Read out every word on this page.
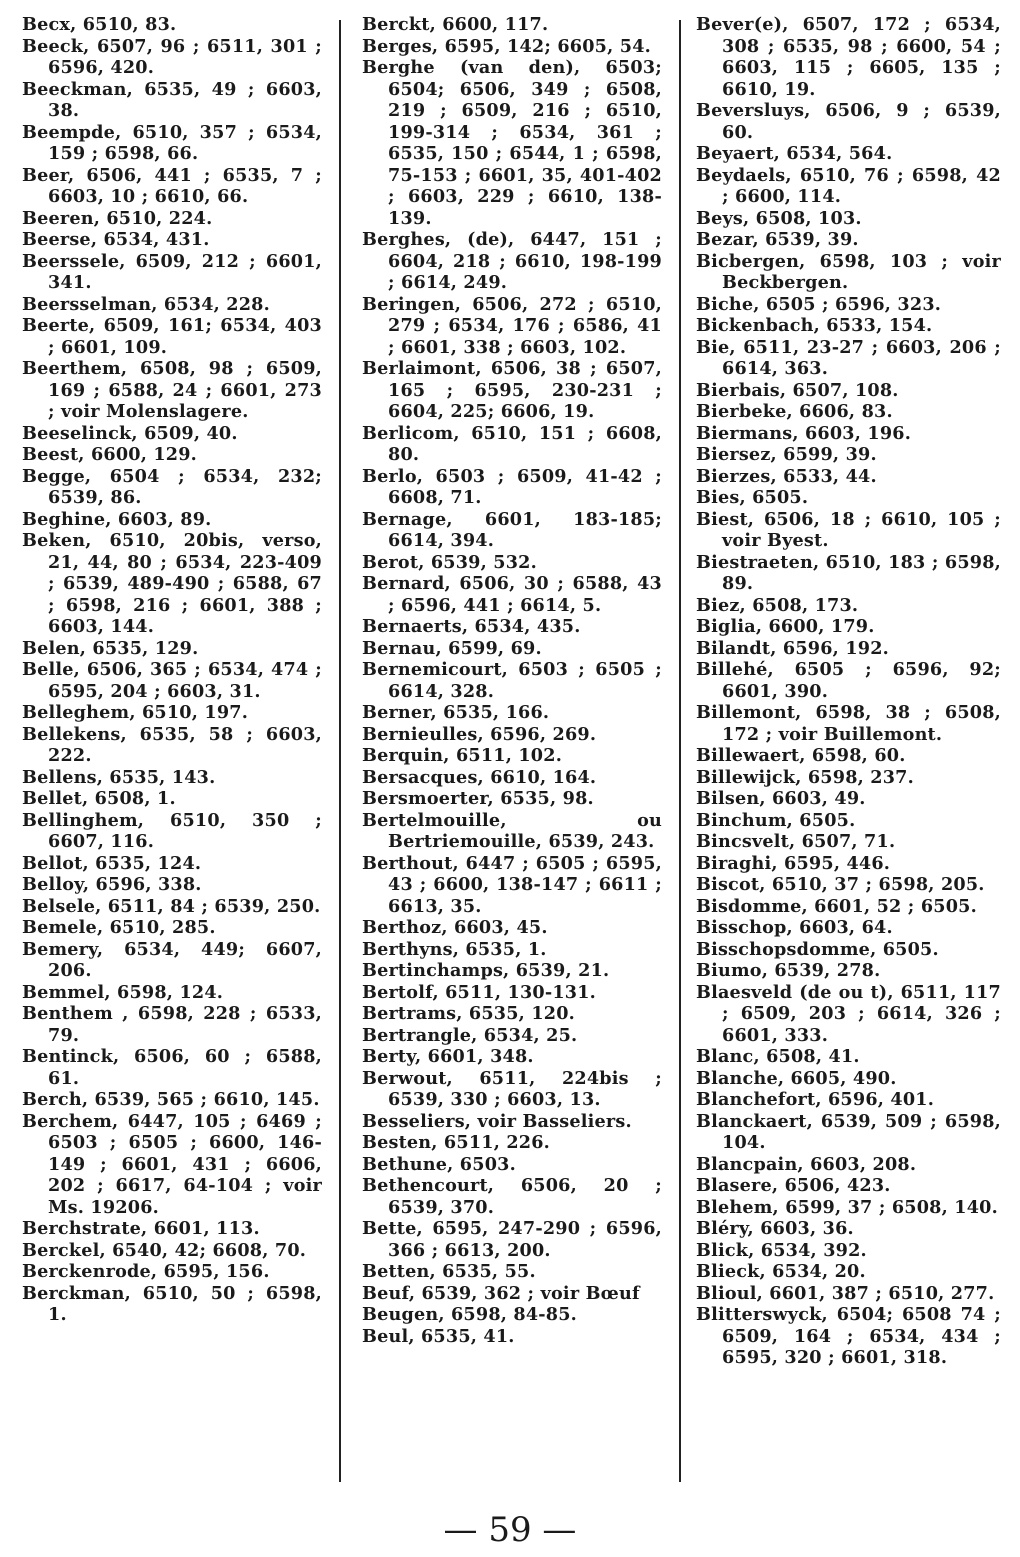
Becx, 6510, 83.

Beeck, 6507, 96 ; 6511, 301 ; 6596, 420.

Beeckman, 6535, 49 ; 6603, 38.

Beempde, 6510, 357 ; 6534, 159 ; 6598, 66.

Beer, 6506, 441 ; 6535, 7 ; 6603, 10 ; 6610, 66.

Beeren, 6510, 224.

Beerse, 6534, 431.

Beerssele, 6509, 212 ; 6601, 341.

Beersselman, 6534, 228.

Beerte, 6509, 161; 6534, 403 ; 6601, 109.

Beerthem, 6508, 98 ; 6509, 169 ; 6588, 24 ; 6601, 273 ; voir Molenslagere.

Beeselinck, 6509, 40.

Beest, 6600, 129.

Begge, 6504 ; 6534, 232; 6539, 86.

Beghine, 6603, 89.

Beken, 6510, 20bis, verso, 21, 44, 80 ; 6534, 223-409 ; 6539, 489-490 ; 6588, 67 ; 6598, 216 ; 6601, 388 ; 6603, 144.

Belen, 6535, 129.

Belle, 6506, 365 ; 6534, 474 ; 6595, 204 ; 6603, 31.

Belleghem, 6510, 197.

Bellekens, 6535, 58 ; 6603, 222.

Bellens, 6535, 143.

Bellet, 6508, 1.

Bellinghem, 6510, 350 ; 6607, 116.

Bellot, 6535, 124.

Belloy, 6596, 338.

Belsele, 6511, 84 ; 6539, 250.

Bemele, 6510, 285.

Bemery, 6534, 449; 6607, 206.

Bemmel, 6598, 124.

Benthem , 6598, 228 ; 6533, 79.

Bentinck, 6506, 60 ; 6588, 61.

Berch, 6539, 565 ; 6610, 145.

Berchem, 6447, 105 ; 6469 ; 6503 ; 6505 ; 6600, 146-149 ; 6601, 431 ; 6606, 202 ; 6617, 64-104 ; voir Ms. 19206.

Berchstrate, 6601, 113.

Berckel, 6540, 42; 6608, 70.

Berckenrode, 6595, 156.

Berckman, 6510, 50 ; 6598, 1.

Berckt, 6600, 117.

Berges, 6595, 142; 6605, 54.

Berghe (van den), 6503; 6504; 6506, 349 ; 6508, 219 ; 6509, 216 ; 6510, 199-314 ; 6534, 361 ; 6535, 150 ; 6544, 1 ; 6598, 75-153 ; 6601, 35, 401-402 ; 6603, 229 ; 6610, 138-139.

Berghes, (de), 6447, 151 ; 6604, 218 ; 6610, 198-199 ; 6614, 249.

Beringen, 6506, 272 ; 6510, 279 ; 6534, 176 ; 6586, 41 ; 6601, 338 ; 6603, 102.

Berlaimont, 6506, 38 ; 6507, 165 ; 6595, 230-231 ; 6604, 225; 6606, 19.

Berlicom, 6510, 151 ; 6608, 80.

Berlo, 6503 ; 6509, 41-42 ; 6608, 71.

Bernage, 6601, 183-185; 6614, 394.

Berot, 6539, 532.

Bernard, 6506, 30 ; 6588, 43 ; 6596, 441 ; 6614, 5.

Bernaerts, 6534, 435.

Bernau, 6599, 69.

Bernemicourt, 6503 ; 6505 ; 6614, 328.

Berner, 6535, 166.

Bernieulles, 6596, 269.

Berquin, 6511, 102.

Bersacques, 6610, 164.

Bersmoerter, 6535, 98.

Bertelmouille, ou Bertriemouille, 6539, 243.

Berthout, 6447 ; 6505 ; 6595, 43 ; 6600, 138-147 ; 6611 ; 6613, 35.

Berthoz, 6603, 45.

Berthyns, 6535, 1.

Bertinchamps, 6539, 21.

Bertolf, 6511, 130-131.

Bertrams, 6535, 120.

Bertrangle, 6534, 25.

Berty, 6601, 348.

Berwout, 6511, 224bis ; 6539, 330 ; 6603, 13.

Besseliers, voir Basseliers.

Besten, 6511, 226.

Bethune, 6503.

Bethencourt, 6506, 20 ; 6539, 370.

Bette, 6595, 247-290 ; 6596, 366 ; 6613, 200.

Betten, 6535, 55.

Beuf, 6539, 362 ; voir Bœuf

Beugen, 6598, 84-85.

Beul, 6535, 41.

Bever(e), 6507, 172 ; 6534, 308 ; 6535, 98 ; 6600, 54 ; 6603, 115 ; 6605, 135 ; 6610, 19.

Beversluys, 6506, 9 ; 6539, 60.

Beyaert, 6534, 564.

Beydaels, 6510, 76 ; 6598, 42 ; 6600, 114.

Beys, 6508, 103.

Bezar, 6539, 39.

Bicbergen, 6598, 103 ; voir Beckbergen.

Biche, 6505 ; 6596, 323.

Bickenbach, 6533, 154.

Bie, 6511, 23-27 ; 6603, 206 ; 6614, 363.

Bierbais, 6507, 108.

Bierbeke, 6606, 83.

Biermans, 6603, 196.

Biersez, 6599, 39.

Bierzes, 6533, 44.

Bies, 6505.

Biest, 6506, 18 ; 6610, 105 ; voir Byest.

Biestraeten, 6510, 183 ; 6598, 89.

Biez, 6508, 173.

Biglia, 6600, 179.

Bilandt, 6596, 192.

Billehé, 6505 ; 6596, 92; 6601, 390.

Billemont, 6598, 38 ; 6508, 172 ; voir Buillemont.

Billewaert, 6598, 60.

Billewijck, 6598, 237.

Bilsen, 6603, 49.

Binchum, 6505.

Bincsvelt, 6507, 71.

Biraghi, 6595, 446.

Biscot, 6510, 37 ; 6598, 205.

Bisdomme, 6601, 52 ; 6505.

Bisschop, 6603, 64.

Bisschopsdomme, 6505.

Biumo, 6539, 278.

Blaesveld (de ou t), 6511, 117 ; 6509, 203 ; 6614, 326 ; 6601, 333.

Blanc, 6508, 41.

Blanche, 6605, 490.

Blanchefort, 6596, 401.

Blanckaert, 6539, 509 ; 6598, 104.

Blancpain, 6603, 208.

Blasere, 6506, 423.

Blehem, 6599, 37 ; 6508, 140.

Bléry, 6603, 36.

Blick, 6534, 392.

Blieck, 6534, 20.

Blioul, 6601, 387 ; 6510, 277.

Blitterswyck, 6504; 6508 74 ; 6509, 164 ; 6534, 434 ; 6595, 320 ; 6601, 318.

— 59 —
